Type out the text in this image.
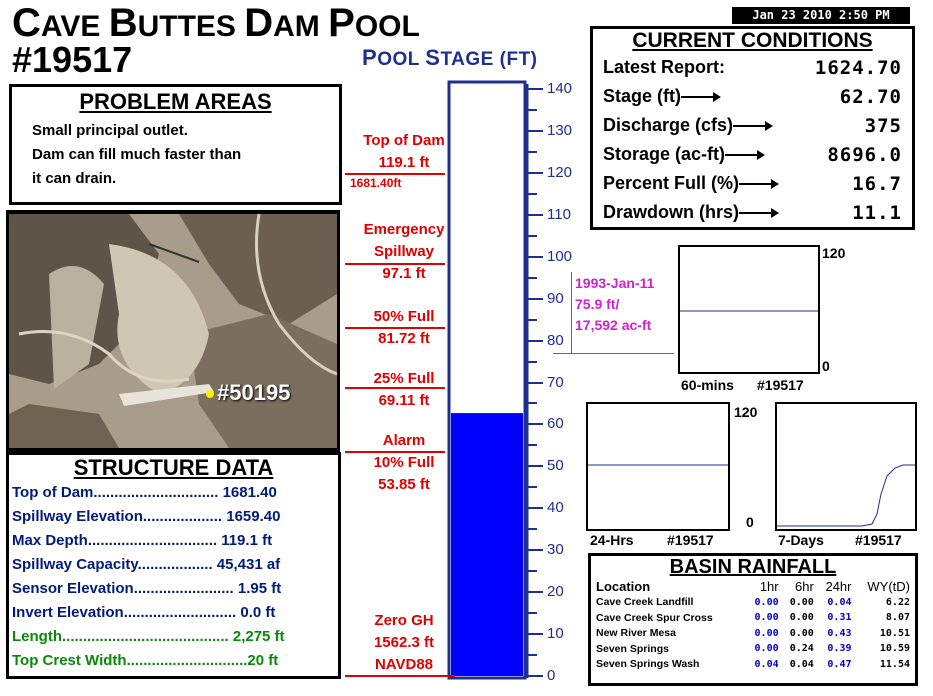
CAVE BUTTES DAM POOL
#19517
Jan 23 2010 2:50 PM
POOL STAGE (FT)
PROBLEM AREAS
Small principal outlet.
Dam can fill much faster than
it can drain.
#50195
STRUCTURE DATA
Top of Dam.............................. 1681.40
Spillway Elevation................... 1659.40
Max Depth............................... 119.1 ft
Spillway Capacity.................. 45,431 af
Sensor Elevation........................ 1.95 ft
Invert Elevation........................... 0.0 ft
Length........................................ 2,275 ft
Top Crest Width.............................20 ft
140
130
120
110
100
90
80
70
60
50
40
30
20
10
0
Top of Dam
119.1 ft
1681.40ft
Emergency
Spillway
97.1 ft
50% Full
81.72 ft
25% Full
69.11 ft
Alarm
10% Full
53.85 ft
Zero GH
1562.3 ft
NAVD88
1993-Jan-11
75.9 ft/
17,592 ac-ft
CURRENT CONDITIONS
Latest Report:	1624.70
Stage (ft)	62.70
Discharge (cfs)	375
Storage (ac-ft)	8696.0
Percent Full (%)	16.7
Drawdown (hrs)	11.1
120
0
60-mins #19517
120
0
24-Hrs #19517	7-Days #19517
BASIN RAINFALL
Location	1hr	6hr	24hr	WY(tD)
Cave Creek Landfill	0.00	0.00	0.04	6.22
Cave Creek Spur Cross	0.00	0.00	0.31	8.07
New River Mesa	0.00	0.00	0.43	10.51
Seven Springs	0.00	0.24	0.39	10.59
Seven Springs Wash	0.04	0.04	0.47	11.54
